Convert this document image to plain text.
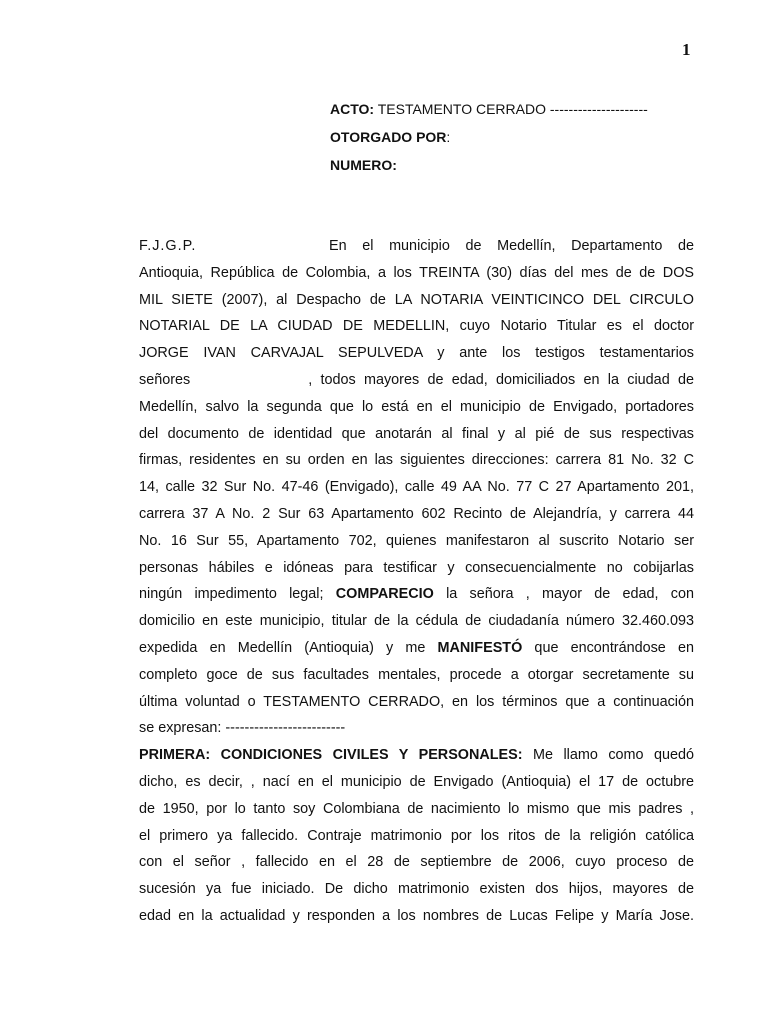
1
ACTO: TESTAMENTO CERRADO ---------------------
OTORGADO POR:
NUMERO:
F.J.G.P.	En el municipio de Medellín, Departamento de
Antioquia, República de Colombia, a los TREINTA (30) días del mes de de DOS
MIL SIETE (2007), al Despacho de LA NOTARIA VEINTICINCO DEL CIRCULO
NOTARIAL DE LA CIUDAD DE MEDELLIN, cuyo Notario Titular es el doctor
JORGE IVAN CARVAJAL SEPULVEDA y ante los testigos testamentarios
señores	, todos mayores de edad, domiciliados en la ciudad de
Medellín, salvo la segunda que lo está en el municipio de Envigado, portadores
del documento de identidad que anotarán al final y al pié de sus respectivas
firmas, residentes en su orden en las siguientes direcciones: carrera 81 No. 32 C
14, calle 32 Sur No. 47-46 (Envigado), calle 49 AA No. 77 C 27 Apartamento 201,
carrera 37 A No. 2 Sur 63 Apartamento 602 Recinto de Alejandría, y carrera 44
No. 16 Sur 55, Apartamento 702, quienes manifestaron al suscrito Notario ser
personas hábiles e idóneas para testificar y consecuencialmente no cobijarlas
ningún impedimento legal; COMPARECIO la señora , mayor de edad, con
domicilio en este municipio, titular de la cédula de ciudadanía número 32.460.093
expedida en Medellín (Antioquia) y me MANIFESTÓ que encontrándose en
completo goce de sus facultades mentales, procede a otorgar secretamente su
última voluntad o TESTAMENTO CERRADO, en los términos que a continuación
se expresan: -------------------------
PRIMERA: CONDICIONES CIVILES Y PERSONALES: Me llamo como quedó
dicho, es decir, , nací en el municipio de Envigado (Antioquia) el 17 de octubre
de 1950, por lo tanto soy Colombiana de nacimiento lo mismo que mis padres ,
el primero ya fallecido. Contraje matrimonio por los ritos de la religión católica
con el señor , fallecido en el 28 de septiembre de 2006, cuyo proceso de
sucesión ya fue iniciado. De dicho matrimonio existen dos hijos, mayores de
edad en la actualidad y responden a los nombres de Lucas Felipe y María Jose.
